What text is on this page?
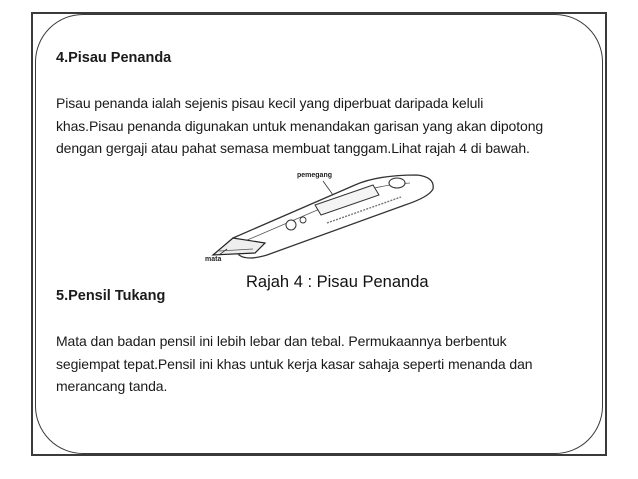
4.Pisau Penanda
Pisau penanda ialah sejenis pisau kecil yang diperbuat daripada keluli
khas.Pisau penanda digunakan untuk menandakan garisan yang akan dipotong
dengan gergaji atau pahat semasa membuat tanggam.Lihat rajah 4 di bawah.
pemegang
mata
Rajah 4 : Pisau Penanda
5.Pensil Tukang
Mata dan badan pensil ini lebih lebar dan tebal. Permukaannya berbentuk
segiempat tepat.Pensil ini khas untuk kerja kasar sahaja seperti menanda dan
merancang tanda.
